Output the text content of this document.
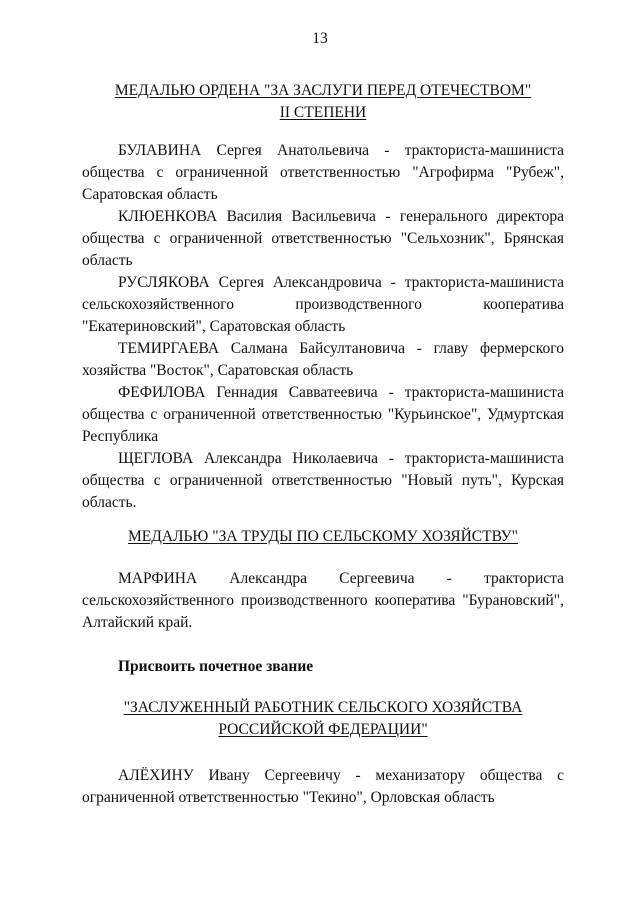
13
МЕДАЛЬЮ ОРДЕНА "ЗА ЗАСЛУГИ ПЕРЕД ОТЕЧЕСТВОМ"
II СТЕПЕНИ

БУЛАВИНА Сергея Анатольевича - тракториста-машиниста общества с ограниченной ответственностью "Агрофирма "Рубеж", Саратовская область

КЛЮЕНКОВА Василия Васильевича - генерального директора общества с ограниченной ответственностью "Сельхозник", Брянская область

РУСЛЯКОВА Сергея Александровича - тракториста-машиниста сельскохозяйственного производственного кооператива "Екатериновский", Саратовская область

ТЕМИРГАЕВА Салмана Байсултановича - главу фермерского хозяйства "Восток", Саратовская область

ФЕФИЛОВА Геннадия Савватеевича - тракториста-машиниста общества с ограниченной ответственностью "Курьинское", Удмуртская Республика

ЩЕГЛОВА Александра Николаевича - тракториста-машиниста общества с ограниченной ответственностью "Новый путь", Курская область.

МЕДАЛЬЮ "ЗА ТРУДЫ ПО СЕЛЬСКОМУ ХОЗЯЙСТВУ"

МАРФИНА Александра Сергеевича - тракториста сельскохозяйственного производственного кооператива "Бурановский", Алтайский край.

Присвоить почетное звание
"ЗАСЛУЖЕННЫЙ РАБОТНИК СЕЛЬСКОГО ХОЗЯЙСТВА
РОССИЙСКОЙ ФЕДЕРАЦИИ"

АЛЁХИНУ Ивану Сергеевичу - механизатору общества с ограниченной ответственностью "Текино", Орловская область
